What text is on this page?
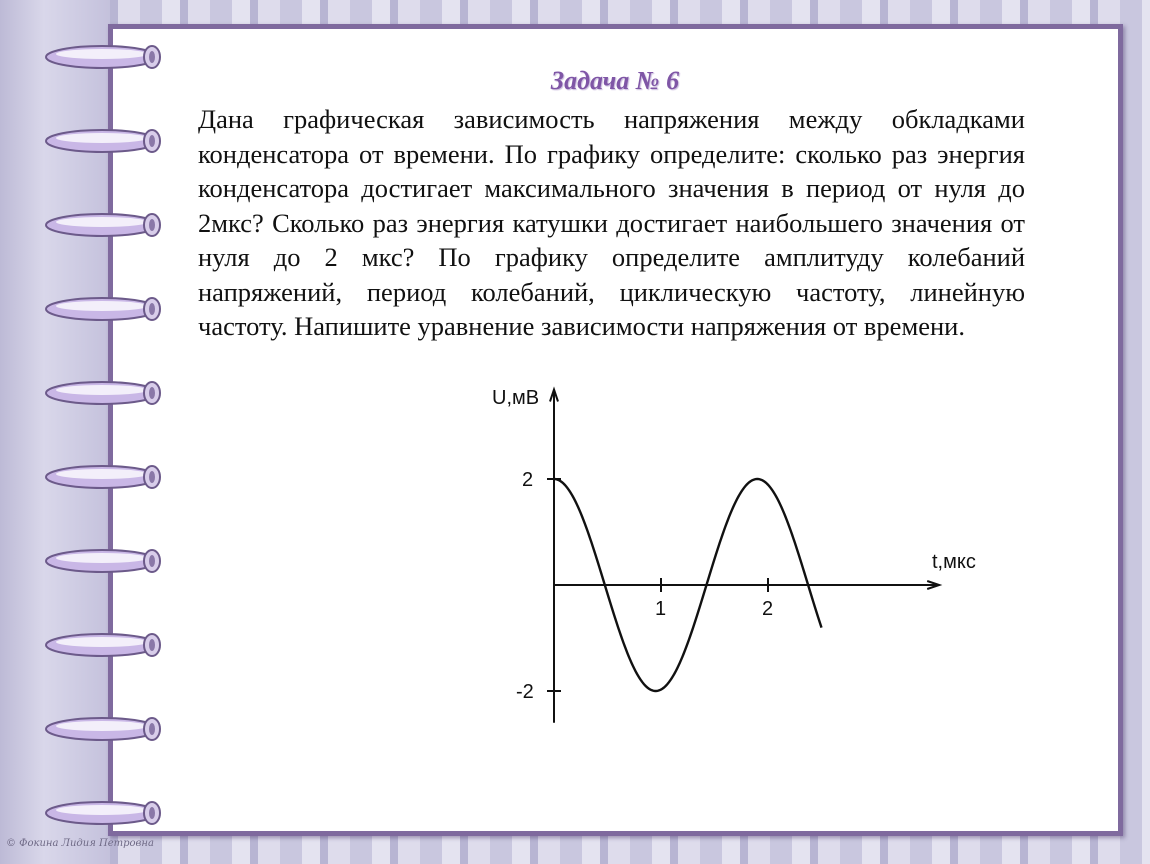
Задача № 6
Дана графическая зависимость напряжения между обкладками конденсатора от времени. По графику определите: сколько раз энергия конденсатора достигает максимального значения в период от нуля до 2мкс? Сколько раз энергия катушки достигает наибольшего значения от нуля до 2 мкс? По графику определите амплитуду колебаний напряжений, период колебаний, циклическую частоту, линейную частоту. Напишите уравнение зависимости напряжения от времени.
1	2
2
-2
U,мВ
t,мкс
© Фокина Лидия Петровна
